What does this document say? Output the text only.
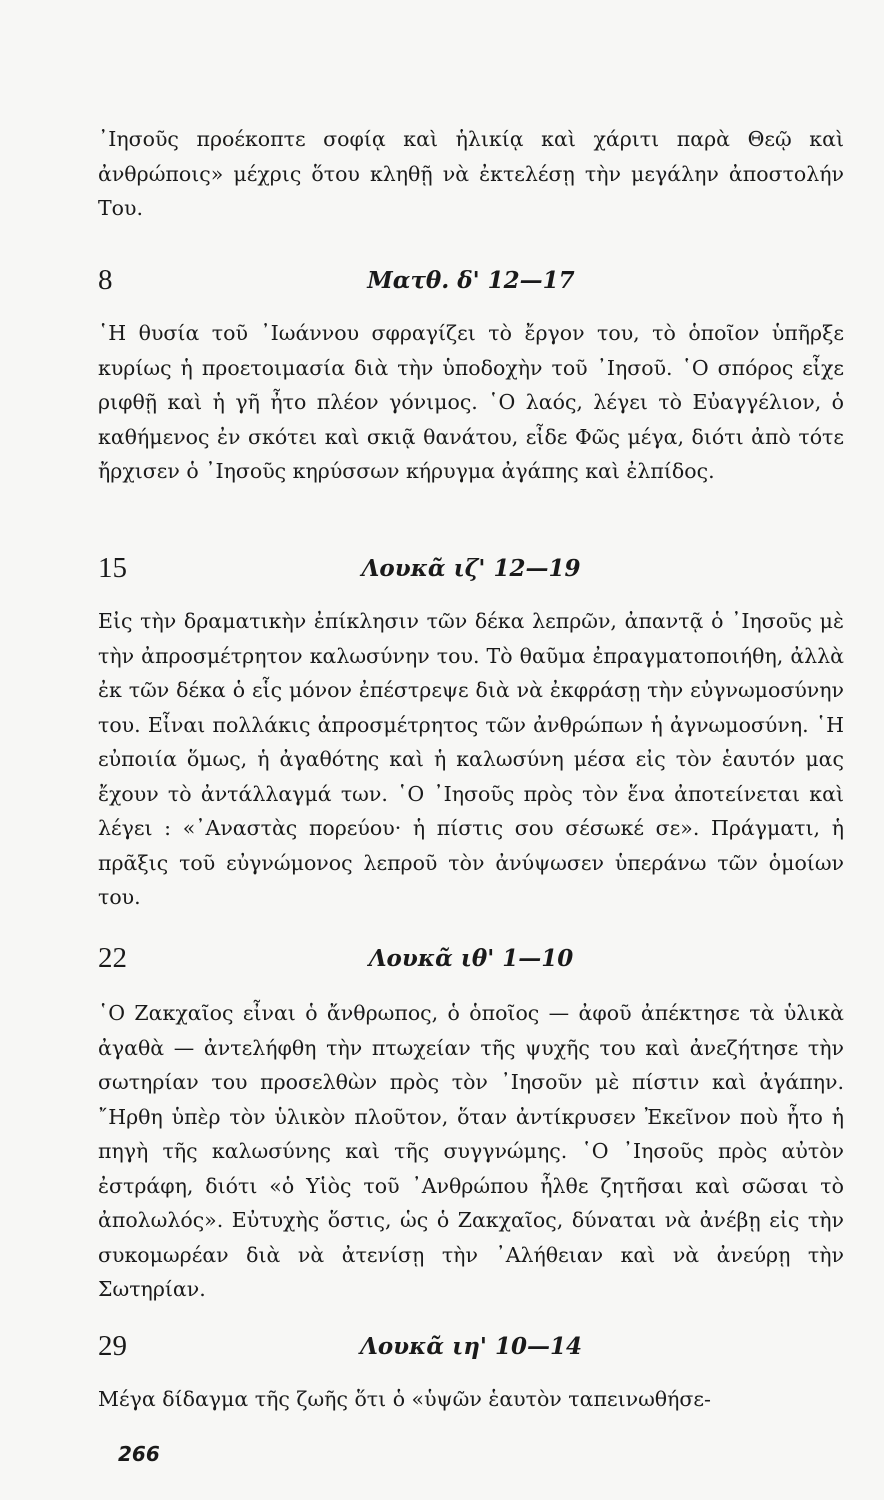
᾿Ιησοῦς προέκοπτε σοφίᾳ καὶ ἡλικίᾳ καὶ χάριτι παρὰ Θεῷ καὶ ἀνθρώποις» μέχρις ὅτου κληθῇ νὰ ἐκτελέσῃ τὴν μεγάλην ἀποστολήν Του.

8	Ματθ. δ' 12—17

῾Η θυσία τοῦ ᾿Ιωάννου σφραγίζει τὸ ἔργον του, τὸ ὁποῖον ὑπῆρξε κυρίως ἡ προετοιμασία διὰ τὴν ὑποδοχὴν τοῦ ᾿Ιησοῦ. ῾Ο σπόρος εἶχε ριφθῇ καὶ ἡ γῆ ἦτο πλέον γόνιμος. ῾Ο λαός, λέγει τὸ Εὐαγγέλιον, ὁ καθήμενος ἐν σκότει καὶ σκιᾷ θανάτου, εἶδε Φῶς μέγα, διότι ἀπὸ τότε ἤρχισεν ὁ ᾿Ιησοῦς κηρύσσων κήρυγμα ἀγάπης καὶ ἐλπίδος.

15	Λουκᾶ ιζ' 12—19

Εἰς τὴν δραματικὴν ἐπίκλησιν τῶν δέκα λεπρῶν, ἀπαντᾷ ὁ ᾿Ιησοῦς μὲ τὴν ἀπροσμέτρητον καλωσύνην του. Τὸ θαῦμα ἐπραγματοποιήθη, ἀλλὰ ἐκ τῶν δέκα ὁ εἷς μόνον ἐπέστρεψε διὰ νὰ ἐκφράσῃ τὴν εὐγνωμοσύνην του. Εἶναι πολλάκις ἀπροσμέτρητος τῶν ἀνθρώπων ἡ ἀγνωμοσύνη. ῾Η εὐποιία ὅμως, ἡ ἀγαθότης καὶ ἡ καλωσύνη μέσα εἰς τὸν ἑαυτόν μας ἔχουν τὸ ἀντάλλαγμά των. ῾Ο ᾿Ιησοῦς πρὸς τὸν ἕνα ἀποτείνεται καὶ λέγει : «᾿Αναστὰς πορεύου· ἡ πίστις σου σέσωκέ σε». Πράγματι, ἡ πρᾶξις τοῦ εὐγνώμονος λεπροῦ τὸν ἀνύψωσεν ὑπεράνω τῶν ὁμοίων του.

22	Λουκᾶ ιθ' 1—10

῾Ο Ζακχαῖος εἶναι ὁ ἄνθρωπος, ὁ ὁποῖος — ἀφοῦ ἀπέκτησε τὰ ὑλικὰ ἀγαθὰ — ἀντελήφθη τὴν πτωχείαν τῆς ψυχῆς του καὶ ἀνεζήτησε τὴν σωτηρίαν του προσελθὼν πρὸς τὸν ᾿Ιησοῦν μὲ πίστιν καὶ ἀγάπην. ῎Ηρθη ὑπὲρ τὸν ὑλικὸν πλοῦτον, ὅταν ἀντίκρυσεν Ἐκεῖνον ποὺ ἦτο ἡ πηγὴ τῆς καλωσύνης καὶ τῆς συγγνώμης. ῾Ο ᾿Ιησοῦς πρὸς αὐτὸν ἐστράφη, διότι «ὁ Υἱὸς τοῦ ᾿Ανθρώπου ἦλθε ζητῆσαι καὶ σῶσαι τὸ ἀπολωλός». Εὐτυχὴς ὅστις, ὡς ὁ Ζακχαῖος, δύναται νὰ ἀνέβῃ εἰς τὴν συκομωρέαν διὰ νὰ ἀτενίσῃ τὴν ᾿Αλήθειαν καὶ νὰ ἀνεύρῃ τὴν Σωτηρίαν.

29	Λουκᾶ ιη' 10—14

Μέγα δίδαγμα τῆς ζωῆς ὅτι ὁ «ὑψῶν ἑαυτὸν ταπεινωθήσε-

266
